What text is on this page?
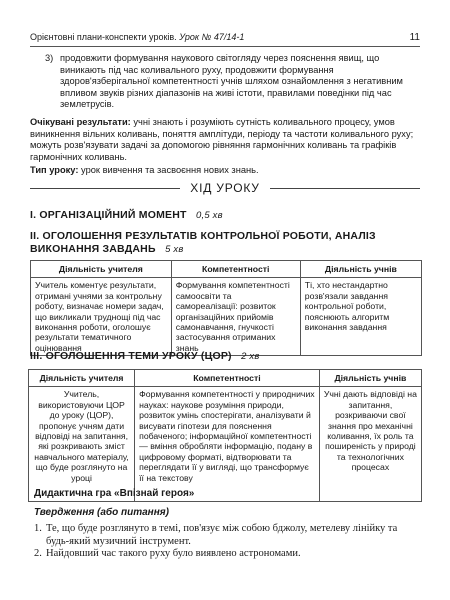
Орієнтовні плани-конспекти уроків. Урок № 47/14-1	11
3) продовжити формування наукового світогляду через пояснення явищ, що виникають під час коливального руху, продовжити формування здоров'язберігальної компетентності учнів шляхом ознайомлення з негативним впливом звуків різних діапазонів на живі істоти, правилами поведінки під час землетрусів.
Очікувані результати: учні знають і розуміють сутність коливального процесу, умов виникнення вільних коливань, поняття амплітуди, періоду та частоти коливального руху; можуть розв'язувати задачі за допомогою рівняння гармонічних коливань та графіків гармонічних коливань.
Тип уроку: урок вивчення та засвоєння нових знань.
ХІД УРОКУ
I. ОРГАНІЗАЦІЙНИЙ МОМЕНТ 0,5 хв
II. ОГОЛОШЕННЯ РЕЗУЛЬТАТІВ КОНТРОЛЬНОЇ РОБОТИ, АНАЛІЗ ВИКОНАННЯ ЗАВДАНЬ 5 хв
Діяльність учителя	Компетентності	Діяльність учнів
Учитель коментує результати, отримані учнями за контрольну роботу, визначає номери задач, що викликали труднощі під час виконання роботи, оголошує результати тематичного оцінювання	Формування компетентності самоосвіти та самореалізації: розвиток організаційних прийомів самонавчання, гнучкості застосування отриманих знань	Ті, хто нестандартно розв'язали завдання контрольної роботи, пояснюють алгоритм виконання завдання
III. ОГОЛОШЕННЯ ТЕМИ УРОКУ (ЦОР) 2 хв
Діяльність учителя	Компетентності	Діяльність учнів
Учитель, використовуючи ЦОР до уроку (ЦОР), пропонує учням дати відповіді на запитання, які розкривають зміст навчального матеріалу, що буде розглянуто на уроці	Формування компетентності у природничих науках: наукове розуміння природи, розвиток умінь спостерігати, аналізувати й висувати гіпотези для пояснення побаченого; інформаційної компетентності — вміння обробляти інформацію, подану в цифровому форматі, відтворювати та переглядати її у вигляді, що трансформує її на текстову	Учні дають відповіді на запитання, розкриваючи свої знання про механічні коливання, їх роль та поширеність у природі та технологічних процесах
Дидактична гра «Впізнай героя»
Твердження (або питання)
1. Те, що буде розглянуто в темі, пов'язує між собою бджолу, метелеву лінійку та будь-який музичний інструмент.
2. Найдовший час такого руху було виявлено астрономами.
